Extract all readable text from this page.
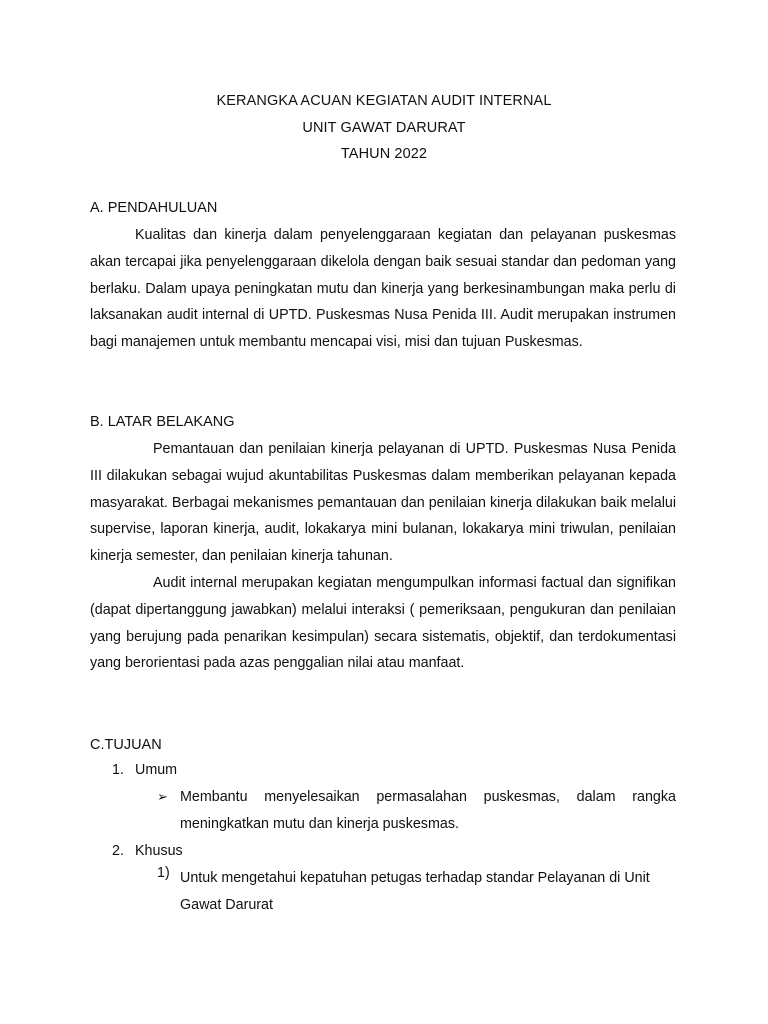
KERANGKA ACUAN KEGIATAN AUDIT INTERNAL
UNIT GAWAT DARURAT
TAHUN 2022
A. PENDAHULUAN
Kualitas dan kinerja dalam penyelenggaraan kegiatan dan pelayanan puskesmas akan tercapai jika penyelenggaraan dikelola dengan baik sesuai standar dan pedoman yang berlaku. Dalam upaya peningkatan mutu dan kinerja yang berkesinambungan maka perlu di laksanakan audit internal di UPTD. Puskesmas Nusa Penida III. Audit merupakan instrumen bagi manajemen untuk membantu mencapai visi, misi dan tujuan Puskesmas.
B. LATAR BELAKANG
Pemantauan dan penilaian kinerja pelayanan di UPTD. Puskesmas Nusa Penida III dilakukan sebagai wujud akuntabilitas Puskesmas dalam memberikan pelayanan kepada masyarakat. Berbagai mekanismes pemantauan dan penilaian kinerja dilakukan baik melalui supervise, laporan kinerja, audit, lokakarya mini bulanan, lokakarya mini triwulan, penilaian kinerja semester, dan penilaian kinerja tahunan.
Audit internal merupakan kegiatan mengumpulkan informasi factual dan signifikan (dapat dipertanggung jawabkan) melalui interaksi ( pemeriksaan, pengukuran dan penilaian yang berujung pada penarikan kesimpulan) secara sistematis, objektif, dan terdokumentasi yang berorientasi pada azas penggalian nilai atau manfaat.
C.TUJUAN
1. Umum
➢ Membantu menyelesaikan permasalahan puskesmas, dalam rangka meningkatkan mutu dan kinerja puskesmas.
2. Khusus
1) Untuk mengetahui kepatuhan petugas terhadap standar Pelayanan di Unit Gawat Darurat
